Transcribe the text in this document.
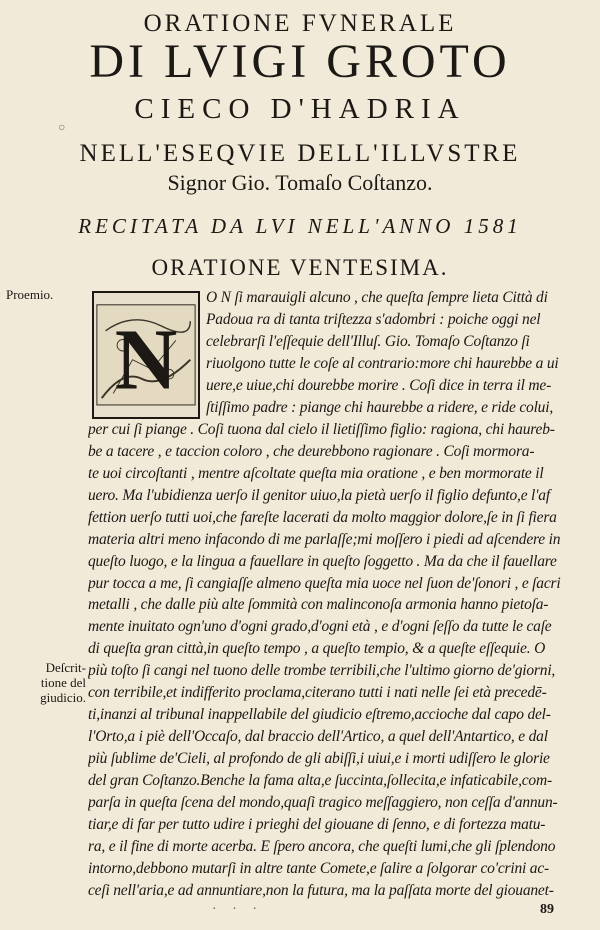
○
ORATIONE FVNERALE
DI LVIGI GROTO
CIECO D'HADRIA
NELL'ESEQVIE DELL'ILLVSTRE
Signor Gio. Tomaſo Coſtanzo.
RECITATA DA LVI NELL'ANNO 1581
ORATIONE VENTESIMA.
Proemio.
Deſcrit-
tione del
giudicio.
N
O N ſi marauigli alcuno , che queſta ſempre lieta Città di
Padoua ra di tanta triſtezza s'adombri : poiche oggi nel
celebrarſi l'eſſequie dell'Illuſ. Gio. Tomaſo Coſtanzo ſi
riuolgono tutte le coſe al contrario:more chi haurebbe a ui
uere,e uiue,chi dourebbe morire . Coſi dice in terra il me-
ſtiſſimo padre : piange chi haurebbe a ridere, e ride colui,
per cui ſi piange . Coſi tuona dal cielo il lietiſſimo figlio: ragiona, chi haureb-
be a tacere , e taccion coloro , che deurebbono ragionare . Coſi mormora-
te uoi circoſtanti , mentre aſcoltate queſta mia oratione , e ben mormorate il
uero. Ma l'ubidienza uerſo il genitor uiuo,la pietà uerſo il figlio defunto,e l'af
fettion uerſo tutti uoi,che fareſte lacerati da molto maggior dolore,ſe in ſi fiera
materia altri meno infacondo di me parlaſſe;mi moſſero i piedi ad aſcendere in
queſto luogo, e la lingua a fauellare in queſto ſoggetto . Ma da che il fauellare
pur tocca a me, ſi cangiaſſe almeno queſta mia uoce nel ſuon de'ſonori , e ſacri
metalli , che dalle più alte ſommità con malinconoſa armonia hanno pietoſa-
mente inuitato ogn'uno d'ogni grado,d'ogni età , e d'ogni ſeſſo da tutte le caſe
di queſta gran città,in queſto tempo , a queſto tempio, & a queſte eſſequie. O
più toſto ſi cangi nel tuono delle trombe terribili,che l'ultimo giorno de'giorni,
con terribile,et indifferito proclama,citerano tutti i nati nelle ſei età precedē-
ti,inanzi al tribunal inappellabile del giudicio eſtremo,accioche dal capo del-
l'Orto,a i piè dell'Occaſo, dal braccio dell'Artico, a quel dell'Antartico, e dal
più ſublime de'Cieli, al profondo de gli abiſſi,i uiui,e i morti udiſſero le glorie
del gran Coſtanzo.Benche la fama alta,e ſuccinta,ſollecita,e infaticabile,com-
parſa in queſta ſcena del mondo,quaſi tragico meſſaggiero, non ceſſa d'annun-
tiar,e di far per tutto udire i prieghi del giouane di ſenno, e di fortezza matu-
ra, e il fine di morte acerba. E ſpero ancora, che queſti lumi,che gli ſplendono
intorno,debbono mutarſi in altre tante Comete,e ſalire a ſolgorar co'crini ac-
ceſi nell'aria,e ad annuntiare,non la futura, ma la paſſata morte del giouanet-
· · ·	89
